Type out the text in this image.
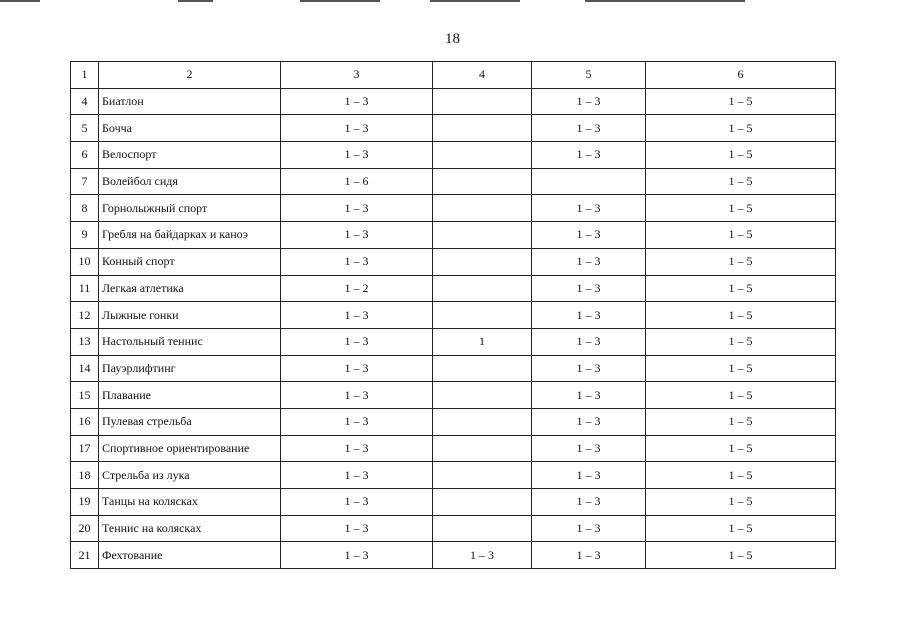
18
1	2	3	4	5	6
4	Биатлон	1 – 3		1 – 3	1 – 5
5	Бочча	1 – 3		1 – 3	1 – 5
6	Велоспорт	1 – 3		1 – 3	1 – 5
7	Волейбол сидя	1 – 6			1 – 5
8	Горнолыжный спорт	1 – 3		1 – 3	1 – 5
9	Гребля на байдарках и каноэ	1 – 3		1 – 3	1 – 5
10	Конный спорт	1 – 3		1 – 3	1 – 5
11	Легкая атлетика	1 – 2		1 – 3	1 – 5
12	Лыжные гонки	1 – 3		1 – 3	1 – 5
13	Настольный теннис	1 – 3	1	1 – 3	1 – 5
14	Пауэрлифтинг	1 – 3		1 – 3	1 – 5
15	Плавание	1 – 3		1 – 3	1 – 5
16	Пулевая стрельба	1 – 3		1 – 3	1 – 5
17	Спортивное ориентирование	1 – 3		1 – 3	1 – 5
18	Стрельба из лука	1 – 3		1 – 3	1 – 5
19	Танцы на колясках	1 – 3		1 – 3	1 – 5
20	Теннис на колясках	1 – 3		1 – 3	1 – 5
21	Фехтование	1 – 3	1 – 3	1 – 3	1 – 5
